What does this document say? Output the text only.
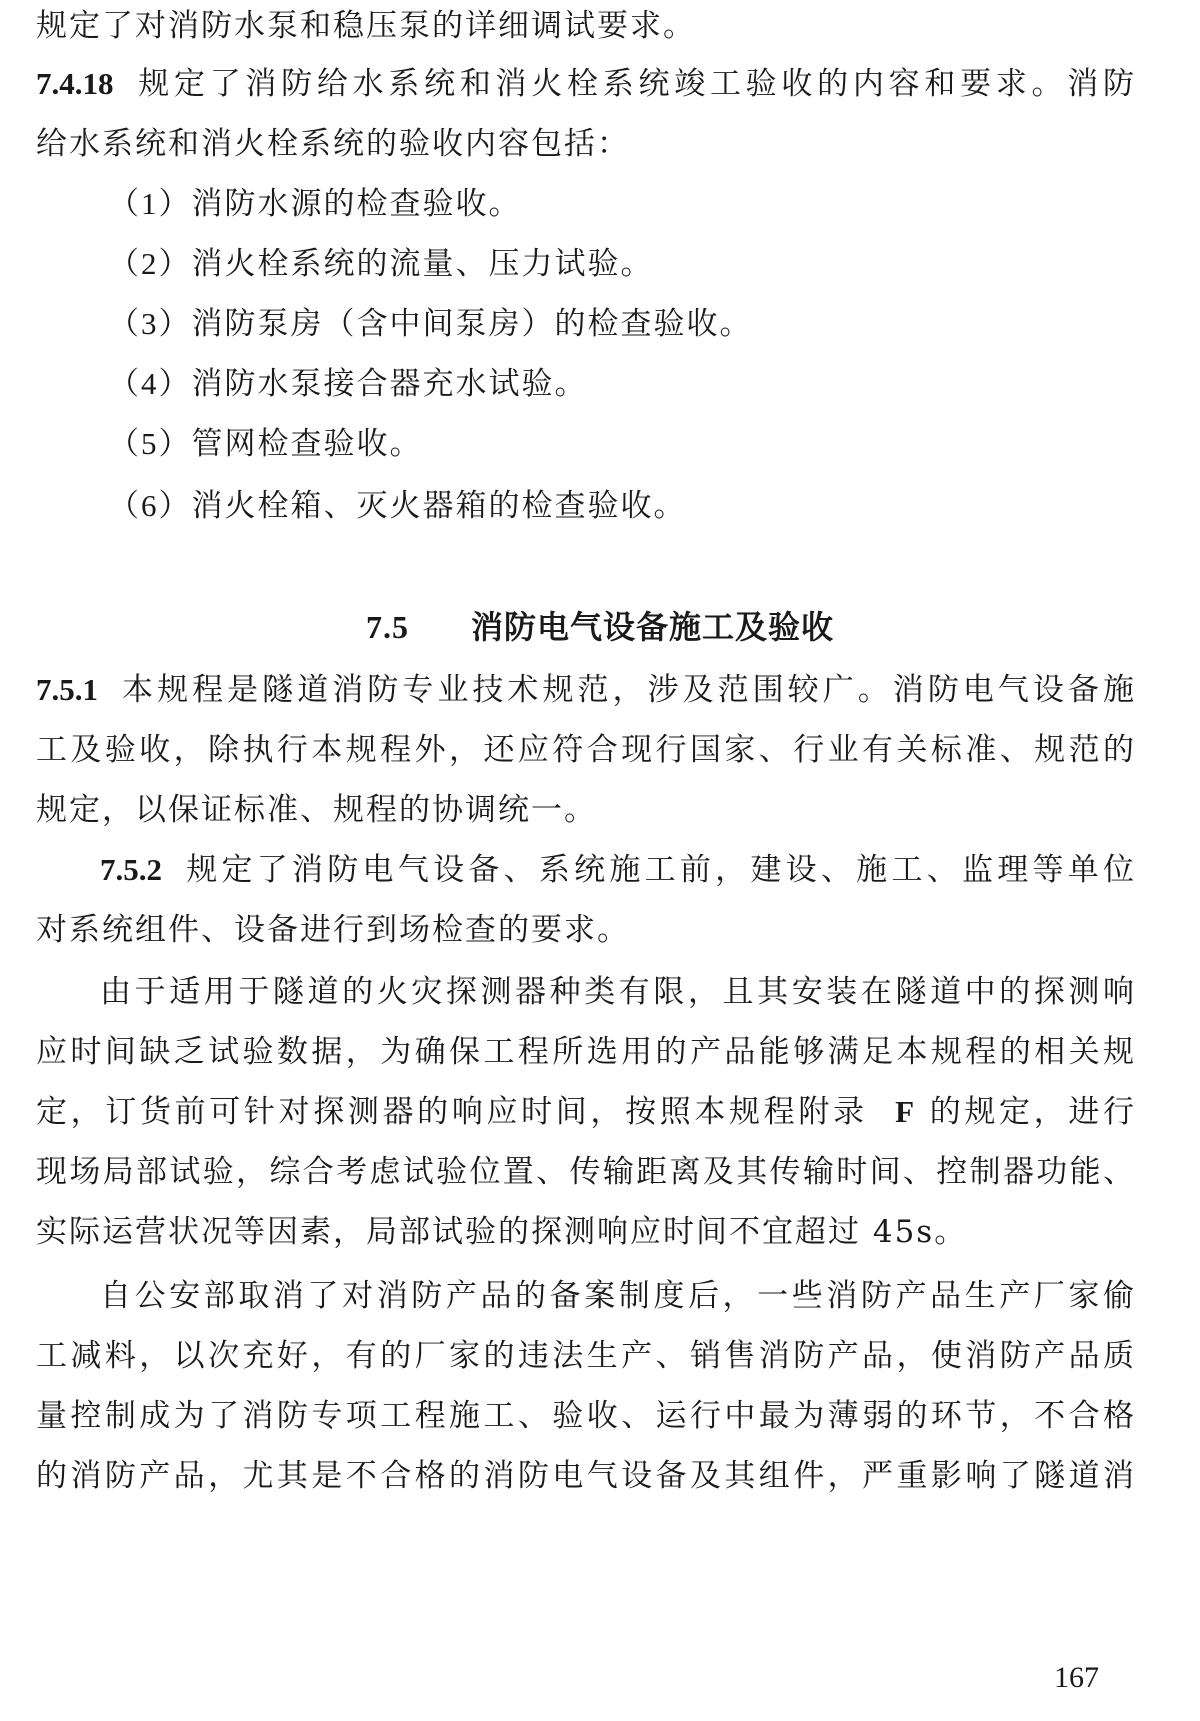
规定了对消防水泵和稳压泵的详细调试要求。
7.4.18 规定了消防给水系统和消火栓系统竣工验收的内容和要求。消防
给水系统和消火栓系统的验收内容包括：
（1）消防水源的检查验收。
（2）消火栓系统的流量、压力试验。
（3）消防泵房（含中间泵房）的检查验收。
（4）消防水泵接合器充水试验。
（5）管网检查验收。
（6）消火栓箱、灭火器箱的检查验收。
7.5 消防电气设备施工及验收
7.5.1 本规程是隧道消防专业技术规范，涉及范围较广。消防电气设备施
工及验收，除执行本规程外，还应符合现行国家、行业有关标准、规范的
规定，以保证标准、规程的协调统一。
7.5.2 规定了消防电气设备、系统施工前，建设、施工、监理等单位
对系统组件、设备进行到场检查的要求。
由于适用于隧道的火灾探测器种类有限，且其安装在隧道中的探测响
应时间缺乏试验数据，为确保工程所选用的产品能够满足本规程的相关规
定，订货前可针对探测器的响应时间，按照本规程附录 F 的规定，进行
现场局部试验，综合考虑试验位置、传输距离及其传输时间、控制器功能、
实际运营状况等因素，局部试验的探测响应时间不宜超过 45s。
自公安部取消了对消防产品的备案制度后，一些消防产品生产厂家偷
工减料，以次充好，有的厂家的违法生产、销售消防产品，使消防产品质
量控制成为了消防专项工程施工、验收、运行中最为薄弱的环节，不合格
的消防产品，尤其是不合格的消防电气设备及其组件，严重影响了隧道消
167
